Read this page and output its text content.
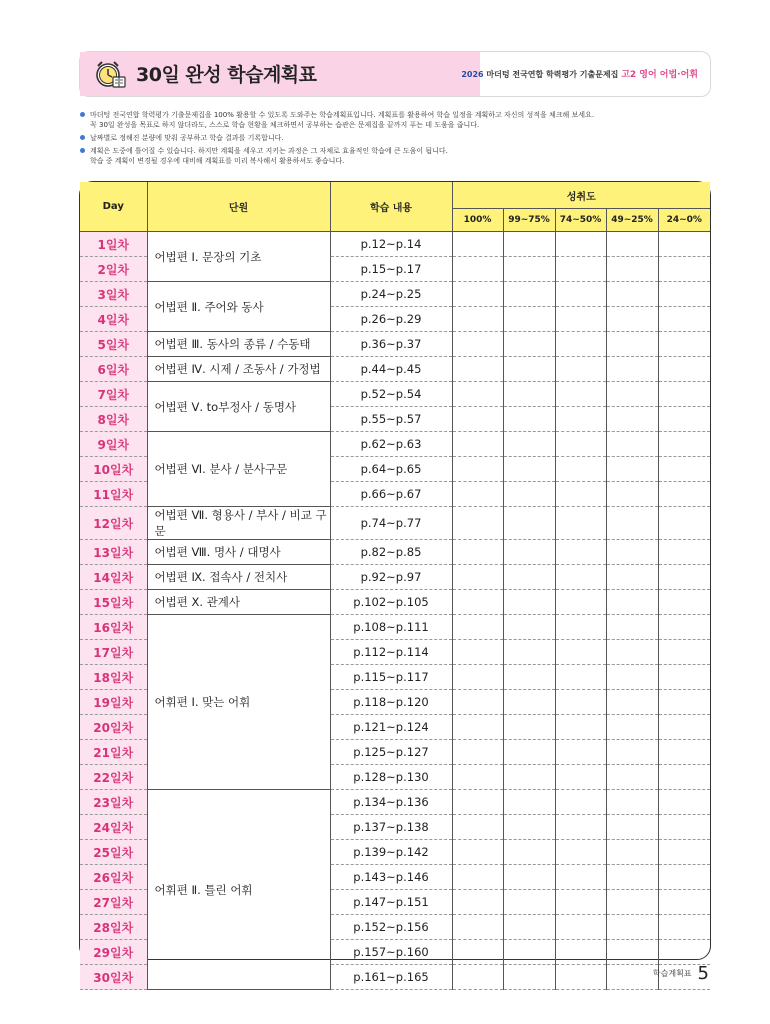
30일 완성 학습계획표	2026 마더텅 전국연합 학력평가 기출문제집 고2 영어 어법·어휘
마더텅 전국연합 학력평가 기출문제집을 100% 활용할 수 있도록 도와주는 학습계획표입니다. 계획표를 활용하여 학습 일정을 계획하고 자신의 성적을 체크해 보세요.
꼭 30일 완성을 목표로 하지 않더라도, 스스로 학습 현황을 체크하면서 공부하는 습관은 문제집을 끝까지 푸는 데 도움을 줍니다.
날짜별로 정해진 분량에 맞춰 공부하고 학습 결과를 기록합니다.
계획은 도중에 틀어질 수 있습니다. 하지만 계획을 세우고 지키는 과정은 그 자체로 효율적인 학습에 큰 도움이 됩니다.
학습 중 계획이 변경될 경우에 대비해 계획표를 미리 복사해서 활용하셔도 좋습니다.
Day	단원	학습 내용	성취도				
			100%	99~75%	74~50%	49~25%	24~0%
1일차	어법편 Ⅰ. 문장의 기초	p.12~p.14					
2일차		p.15~p.17					
3일차	어법편 Ⅱ. 주어와 동사	p.24~p.25					
4일차		p.26~p.29					
5일차	어법편 Ⅲ. 동사의 종류 / 수동태	p.36~p.37					
6일차	어법편 Ⅳ. 시제 / 조동사 / 가정법	p.44~p.45					
7일차	어법편 Ⅴ. to부정사 / 동명사	p.52~p.54					
8일차		p.55~p.57					
9일차	어법편 Ⅵ. 분사 / 분사구문	p.62~p.63					
10일차		p.64~p.65					
11일차		p.66~p.67					
12일차	어법편 Ⅶ. 형용사 / 부사 / 비교 구문	p.74~p.77					
13일차	어법편 Ⅷ. 명사 / 대명사	p.82~p.85					
14일차	어법편 Ⅸ. 접속사 / 전치사	p.92~p.97					
15일차	어법편 Ⅹ. 관계사	p.102~p.105					
16일차	어휘편 Ⅰ. 맞는 어휘	p.108~p.111					
17일차		p.112~p.114					
18일차		p.115~p.117					
19일차		p.118~p.120					
20일차		p.121~p.124					
21일차		p.125~p.127					
22일차		p.128~p.130					
23일차	어휘편 Ⅱ. 틀린 어휘	p.134~p.136					
24일차		p.137~p.138					
25일차		p.139~p.142					
26일차		p.143~p.146					
27일차		p.147~p.151					
28일차		p.152~p.156					
29일차		p.157~p.160					
30일차		p.161~p.165						학습계획표 5
